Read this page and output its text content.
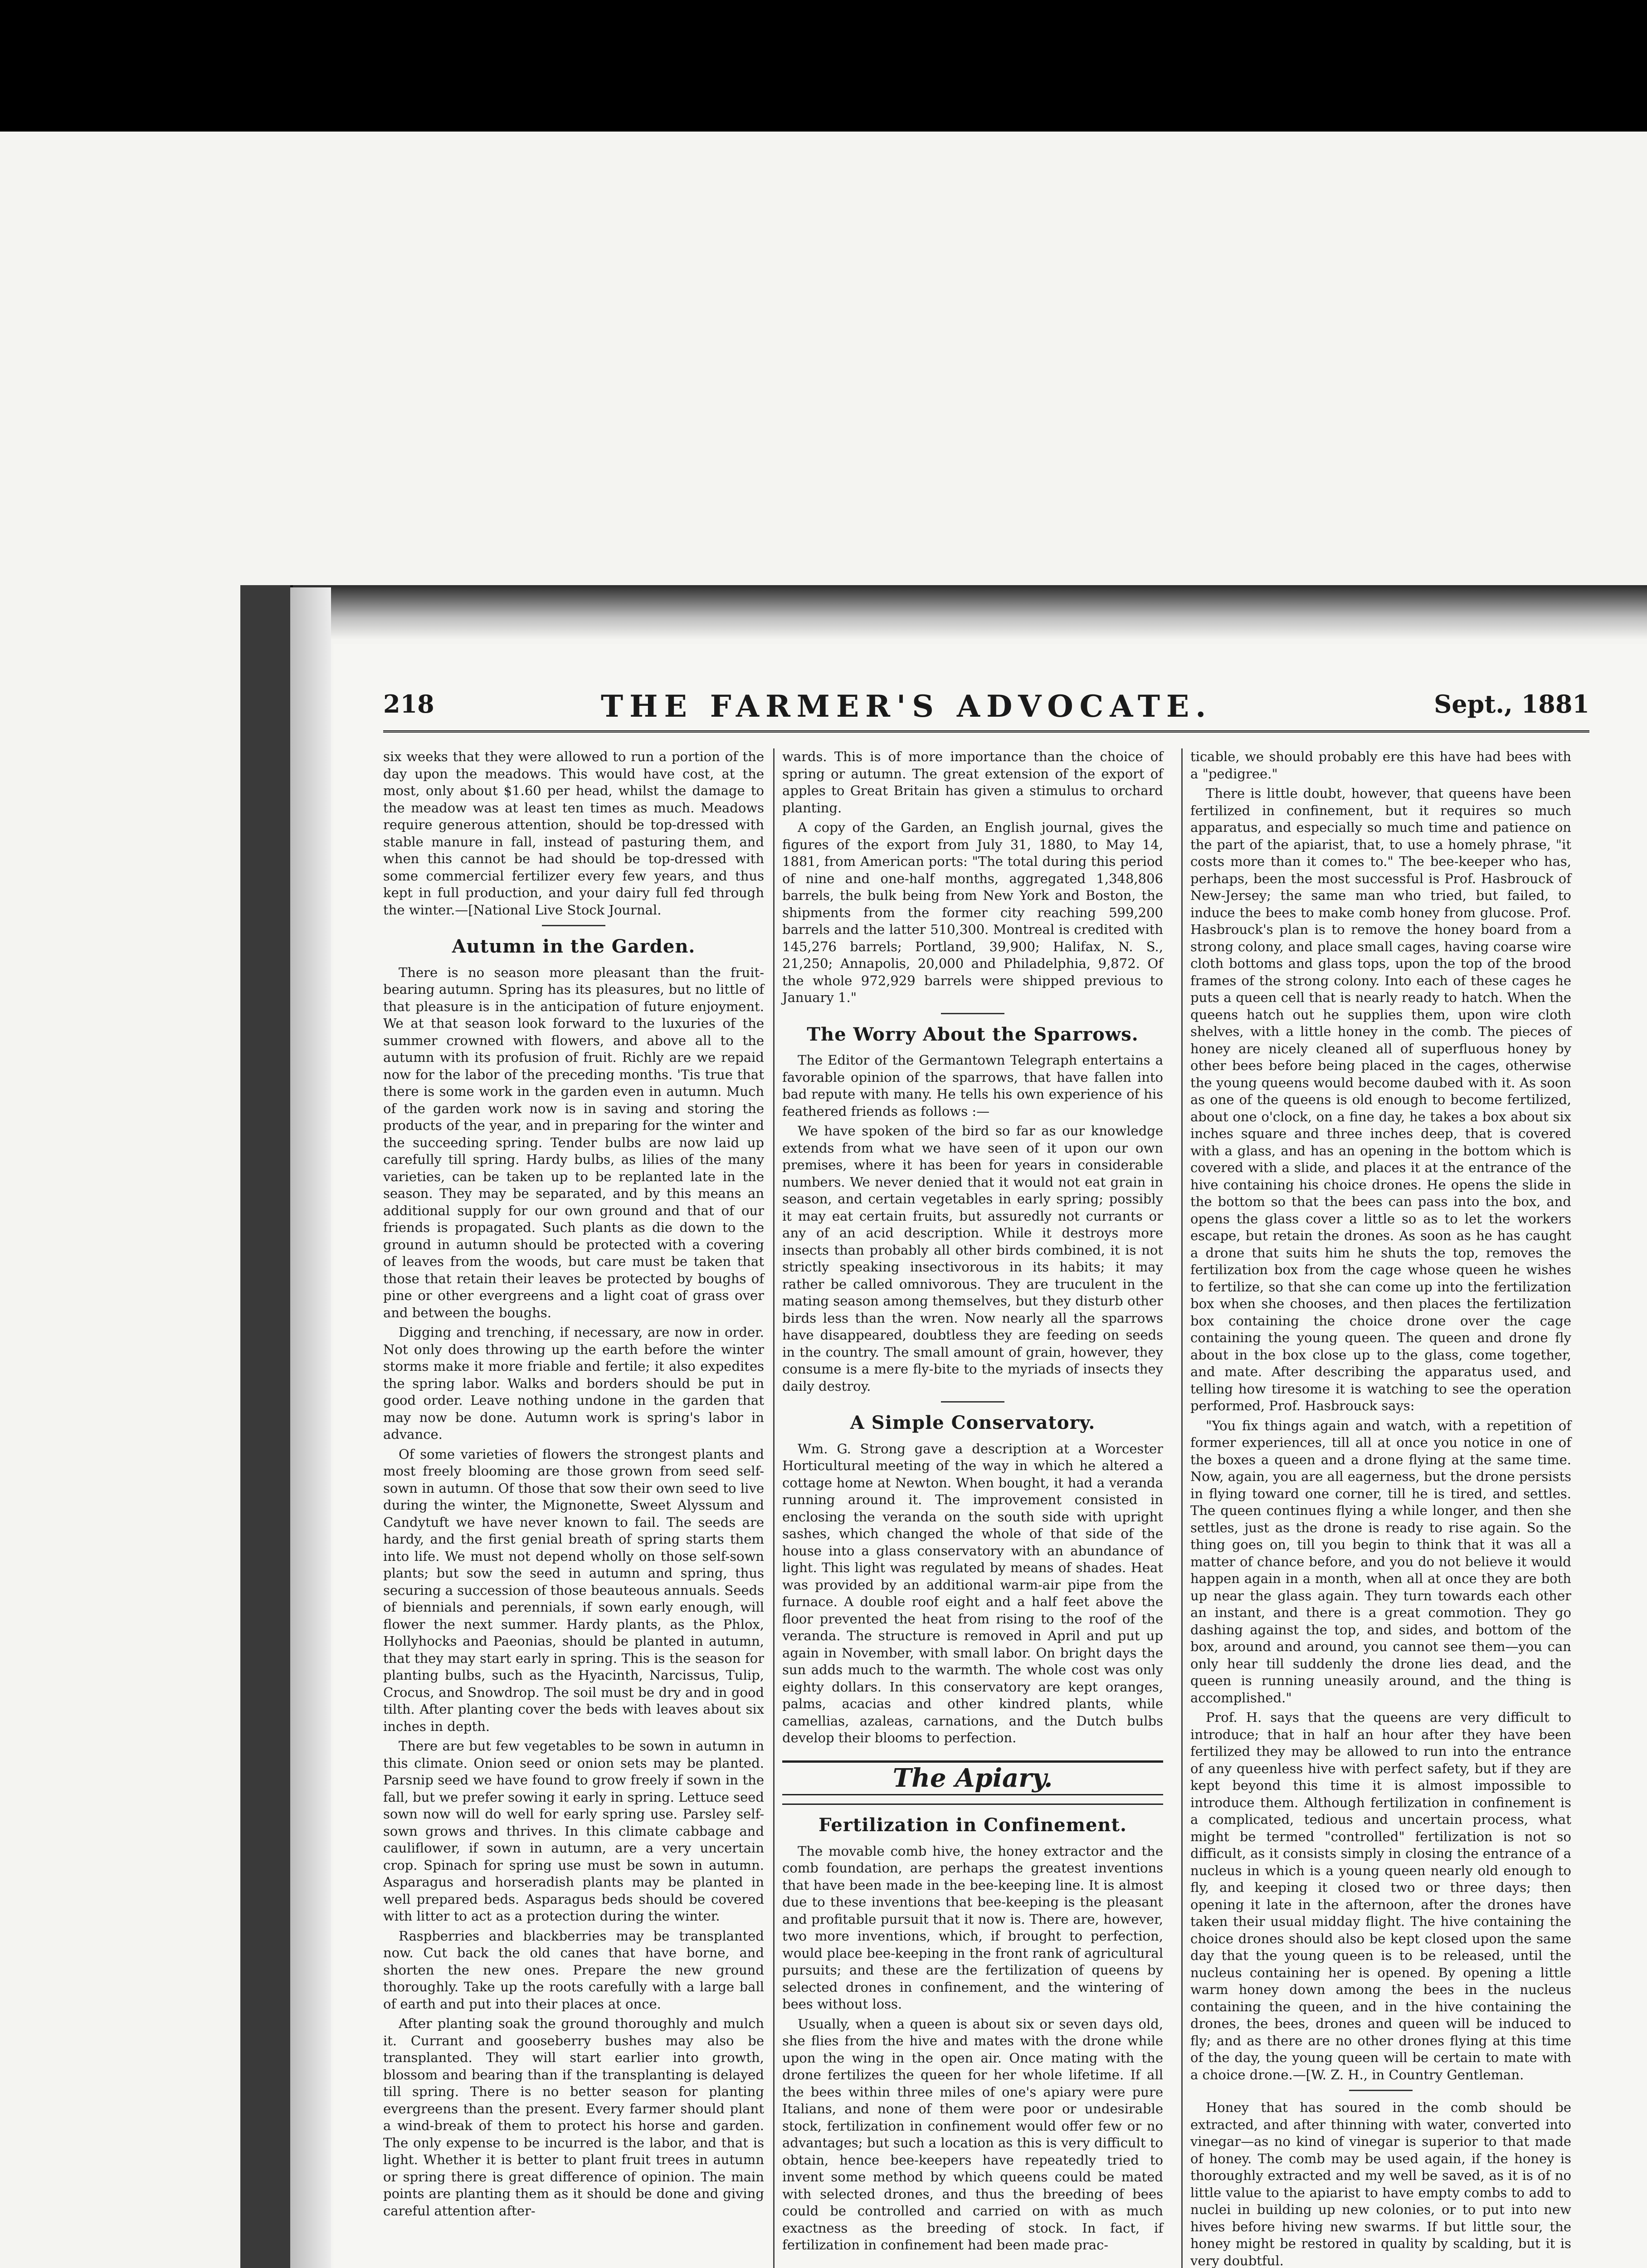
218	THE FARMER'S ADVOCATE.	Sept., 1881

six weeks that they were allowed to run a portion of the day upon the meadows. This would have cost, at the most, only about $1.60 per head, whilst the damage to the meadow was at least ten times as much. Meadows require generous attention, should be top-dressed with stable manure in fall, instead of pasturing them, and when this cannot be had should be top-dressed with some commercial fertilizer every few years, and thus kept in full production, and your dairy full fed through the winter.—[National Live Stock Journal.

Autumn in the Garden.

There is no season more pleasant than the fruit-bearing autumn. Spring has its pleasures, but no little of that pleasure is in the anticipation of future enjoyment. We at that season look forward to the luxuries of the summer crowned with flowers, and above all to the autumn with its profusion of fruit. Richly are we repaid now for the labor of the preceding months. 'Tis true that there is some work in the garden even in autumn. Much of the garden work now is in saving and storing the products of the year, and in preparing for the winter and the succeeding spring. Tender bulbs are now laid up carefully till spring. Hardy bulbs, as lilies of the many varieties, can be taken up to be replanted late in the season. They may be separated, and by this means an additional supply for our own ground and that of our friends is propagated. Such plants as die down to the ground in autumn should be protected with a covering of leaves from the woods, but care must be taken that those that retain their leaves be protected by boughs of pine or other evergreens and a light coat of grass over and between the boughs.

Digging and trenching, if necessary, are now in order. Not only does throwing up the earth before the winter storms make it more friable and fertile; it also expedites the spring labor. Walks and borders should be put in good order. Leave nothing undone in the garden that may now be done. Autumn work is spring's labor in advance.

Of some varieties of flowers the strongest plants and most freely blooming are those grown from seed self-sown in autumn. Of those that sow their own seed to live during the winter, the Mignonette, Sweet Alyssum and Candytuft we have never known to fail. The seeds are hardy, and the first genial breath of spring starts them into life. We must not depend wholly on those self-sown plants; but sow the seed in autumn and spring, thus securing a succession of those beauteous annuals. Seeds of biennials and perennials, if sown early enough, will flower the next summer. Hardy plants, as the Phlox, Hollyhocks and Paeonias, should be planted in autumn, that they may start early in spring. This is the season for planting bulbs, such as the Hyacinth, Narcissus, Tulip, Crocus, and Snowdrop. The soil must be dry and in good tilth. After planting cover the beds with leaves about six inches in depth.

There are but few vegetables to be sown in autumn in this climate. Onion seed or onion sets may be planted. Parsnip seed we have found to grow freely if sown in the fall, but we prefer sowing it early in spring. Lettuce seed sown now will do well for early spring use. Parsley self-sown grows and thrives. In this climate cabbage and cauliflower, if sown in autumn, are a very uncertain crop. Spinach for spring use must be sown in autumn. Asparagus and horseradish plants may be planted in well prepared beds. Asparagus beds should be covered with litter to act as a protection during the winter.

Raspberries and blackberries may be transplanted now. Cut back the old canes that have borne, and shorten the new ones. Prepare the new ground thoroughly. Take up the roots carefully with a large ball of earth and put into their places at once.

After planting soak the ground thoroughly and mulch it. Currant and gooseberry bushes may also be transplanted. They will start earlier into growth, blossom and bearing than if the transplanting is delayed till spring. There is no better season for planting evergreens than the present. Every farmer should plant a wind-break of them to protect his horse and garden. The only expense to be incurred is the labor, and that is light. Whether it is better to plant fruit trees in autumn or spring there is great difference of opinion. The main points are planting them as it should be done and giving careful attention after-

wards. This is of more importance than the choice of spring or autumn. The great extension of the export of apples to Great Britain has given a stimulus to orchard planting.

A copy of the Garden, an English journal, gives the figures of the export from July 31, 1880, to May 14, 1881, from American ports: "The total during this period of nine and one-half months, aggregated 1,348,806 barrels, the bulk being from New York and Boston, the shipments from the former city reaching 599,200 barrels and the latter 510,300. Montreal is credited with 145,276 barrels; Portland, 39,900; Halifax, N. S., 21,250; Annapolis, 20,000 and Philadelphia, 9,872. Of the whole 972,929 barrels were shipped previous to January 1."

The Worry About the Sparrows.

The Editor of the Germantown Telegraph entertains a favorable opinion of the sparrows, that have fallen into bad repute with many. He tells his own experience of his feathered friends as follows :—

We have spoken of the bird so far as our knowledge extends from what we have seen of it upon our own premises, where it has been for years in considerable numbers. We never denied that it would not eat grain in season, and certain vegetables in early spring; possibly it may eat certain fruits, but assuredly not currants or any of an acid description. While it destroys more insects than probably all other birds combined, it is not strictly speaking insectivorous in its habits; it may rather be called omnivorous. They are truculent in the mating season among themselves, but they disturb other birds less than the wren. Now nearly all the sparrows have disappeared, doubtless they are feeding on seeds in the country. The small amount of grain, however, they consume is a mere fly-bite to the myriads of insects they daily destroy.

A Simple Conservatory.

Wm. G. Strong gave a description at a Worcester Horticultural meeting of the way in which he altered a cottage home at Newton. When bought, it had a veranda running around it. The improvement consisted in enclosing the veranda on the south side with upright sashes, which changed the whole of that side of the house into a glass conservatory with an abundance of light. This light was regulated by means of shades. Heat was provided by an additional warm-air pipe from the furnace. A double roof eight and a half feet above the floor prevented the heat from rising to the roof of the veranda. The structure is removed in April and put up again in November, with small labor. On bright days the sun adds much to the warmth. The whole cost was only eighty dollars. In this conservatory are kept oranges, palms, acacias and other kindred plants, while camellias, azaleas, carnations, and the Dutch bulbs develop their blooms to perfection.

The Apiary.
Fertilization in Confinement.

The movable comb hive, the honey extractor and the comb foundation, are perhaps the greatest inventions that have been made in the bee-keeping line. It is almost due to these inventions that bee-keeping is the pleasant and profitable pursuit that it now is. There are, however, two more inventions, which, if brought to perfection, would place bee-keeping in the front rank of agricultural pursuits; and these are the fertilization of queens by selected drones in confinement, and the wintering of bees without loss.

Usually, when a queen is about six or seven days old, she flies from the hive and mates with the drone while upon the wing in the open air. Once mating with the drone fertilizes the queen for her whole lifetime. If all the bees within three miles of one's apiary were pure Italians, and none of them were poor or undesirable stock, fertilization in confinement would offer few or no advantages; but such a location as this is very difficult to obtain, hence bee-keepers have repeatedly tried to invent some method by which queens could be mated with selected drones, and thus the breeding of bees could be controlled and carried on with as much exactness as the breeding of stock. In fact, if fertilization in confinement had been made prac-

ticable, we should probably ere this have had bees with a "pedigree."

There is little doubt, however, that queens have been fertilized in confinement, but it requires so much apparatus, and especially so much time and patience on the part of the apiarist, that, to use a homely phrase, "it costs more than it comes to." The bee-keeper who has, perhaps, been the most successful is Prof. Hasbrouck of New-Jersey; the same man who tried, but failed, to induce the bees to make comb honey from glucose. Prof. Hasbrouck's plan is to remove the honey board from a strong colony, and place small cages, having coarse wire cloth bottoms and glass tops, upon the top of the brood frames of the strong colony. Into each of these cages he puts a queen cell that is nearly ready to hatch. When the queens hatch out he supplies them, upon wire cloth shelves, with a little honey in the comb. The pieces of honey are nicely cleaned all of superfluous honey by other bees before being placed in the cages, otherwise the young queens would become daubed with it. As soon as one of the queens is old enough to become fertilized, about one o'clock, on a fine day, he takes a box about six inches square and three inches deep, that is covered with a glass, and has an opening in the bottom which is covered with a slide, and places it at the entrance of the hive containing his choice drones. He opens the slide in the bottom so that the bees can pass into the box, and opens the glass cover a little so as to let the workers escape, but retain the drones. As soon as he has caught a drone that suits him he shuts the top, removes the fertilization box from the cage whose queen he wishes to fertilize, so that she can come up into the fertilization box when she chooses, and then places the fertilization box containing the choice drone over the cage containing the young queen. The queen and drone fly about in the box close up to the glass, come together, and mate. After describing the apparatus used, and telling how tiresome it is watching to see the operation performed, Prof. Hasbrouck says:

"You fix things again and watch, with a repetition of former experiences, till all at once you notice in one of the boxes a queen and a drone flying at the same time. Now, again, you are all eagerness, but the drone persists in flying toward one corner, till he is tired, and settles. The queen continues flying a while longer, and then she settles, just as the drone is ready to rise again. So the thing goes on, till you begin to think that it was all a matter of chance before, and you do not believe it would happen again in a month, when all at once they are both up near the glass again. They turn towards each other an instant, and there is a great commotion. They go dashing against the top, and sides, and bottom of the box, around and around, you cannot see them—you can only hear till suddenly the drone lies dead, and the queen is running uneasily around, and the thing is accomplished."

Prof. H. says that the queens are very difficult to introduce; that in half an hour after they have been fertilized they may be allowed to run into the entrance of any queenless hive with perfect safety, but if they are kept beyond this time it is almost impossible to introduce them. Although fertilization in confinement is a complicated, tedious and uncertain process, what might be termed "controlled" fertilization is not so difficult, as it consists simply in closing the entrance of a nucleus in which is a young queen nearly old enough to fly, and keeping it closed two or three days; then opening it late in the afternoon, after the drones have taken their usual midday flight. The hive containing the choice drones should also be kept closed upon the same day that the young queen is to be released, until the nucleus containing her is opened. By opening a little warm honey down among the bees in the nucleus containing the queen, and in the hive containing the drones, the bees, drones and queen will be induced to fly; and as there are no other drones flying at this time of the day, the young queen will be certain to mate with a choice drone.—[W. Z. H., in Country Gentleman.

Honey that has soured in the comb should be extracted, and after thinning with water, converted into vinegar—as no kind of vinegar is superior to that made of honey. The comb may be used again, if the honey is thoroughly extracted and my well be saved, as it is of no little value to the apiarist to have empty combs to add to nuclei in building up new colonies, or to put into new hives before hiving new swarms. If but little sour, the honey might be restored in quality by scalding, but it is very doubtful.
